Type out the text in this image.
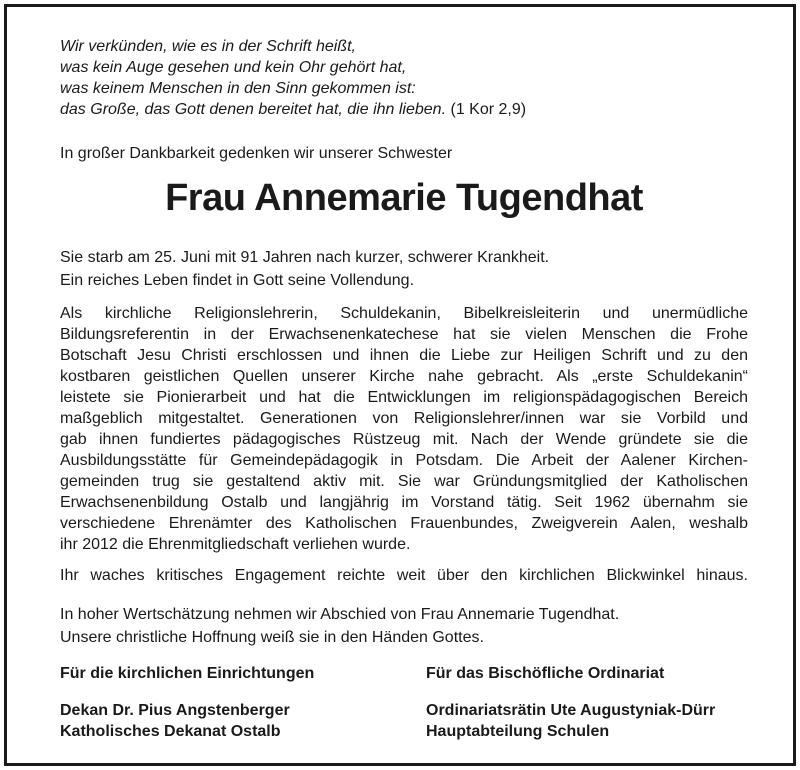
Wir verkünden, wie es in der Schrift heißt,
was kein Auge gesehen und kein Ohr gehört hat,
was keinem Menschen in den Sinn gekommen ist:
das Große, das Gott denen bereitet hat, die ihn lieben. (1 Kor 2,9)
In großer Dankbarkeit gedenken wir unserer Schwester
Frau Annemarie Tugendhat
Sie starb am 25. Juni mit 91 Jahren nach kurzer, schwerer Krankheit.
Ein reiches Leben findet in Gott seine Vollendung.
Als kirchliche Religionslehrerin, Schuldekanin, Bibelkreisleiterin und unermüdliche
Bildungsreferentin in der Erwachsenenkatechese hat sie vielen Menschen die Frohe
Botschaft Jesu Christi erschlossen und ihnen die Liebe zur Heiligen Schrift und zu den
kostbaren geistlichen Quellen unserer Kirche nahe gebracht. Als „erste Schuldekanin“
leistete sie Pionierarbeit und hat die Entwicklungen im religionspädagogischen Bereich
maßgeblich mitgestaltet. Generationen von Religionslehrer/innen war sie Vorbild und
gab ihnen fundiertes pädagogisches Rüstzeug mit. Nach der Wende gründete sie die
Ausbildungsstätte für Gemeindepädagogik in Potsdam. Die Arbeit der Aalener Kirchen-
gemeinden trug sie gestaltend aktiv mit. Sie war Gründungsmitglied der Katholischen
Erwachsenenbildung Ostalb und langjährig im Vorstand tätig. Seit 1962 übernahm sie
verschiedene Ehrenämter des Katholischen Frauenbundes, Zweigverein Aalen, weshalb
ihr 2012 die Ehrenmitgliedschaft verliehen wurde.
Ihr waches kritisches Engagement reichte weit über den kirchlichen Blickwinkel hinaus.
In hoher Wertschätzung nehmen wir Abschied von Frau Annemarie Tugendhat.
Unsere christliche Hoffnung weiß sie in den Händen Gottes.
Für die kirchlichen Einrichtungen	Für das Bischöfliche Ordinariat
Dekan Dr. Pius Angstenberger
Katholisches Dekanat Ostalb
Ordinariatsrätin Ute Augustyniak-Dürr
Hauptabteilung Schulen
